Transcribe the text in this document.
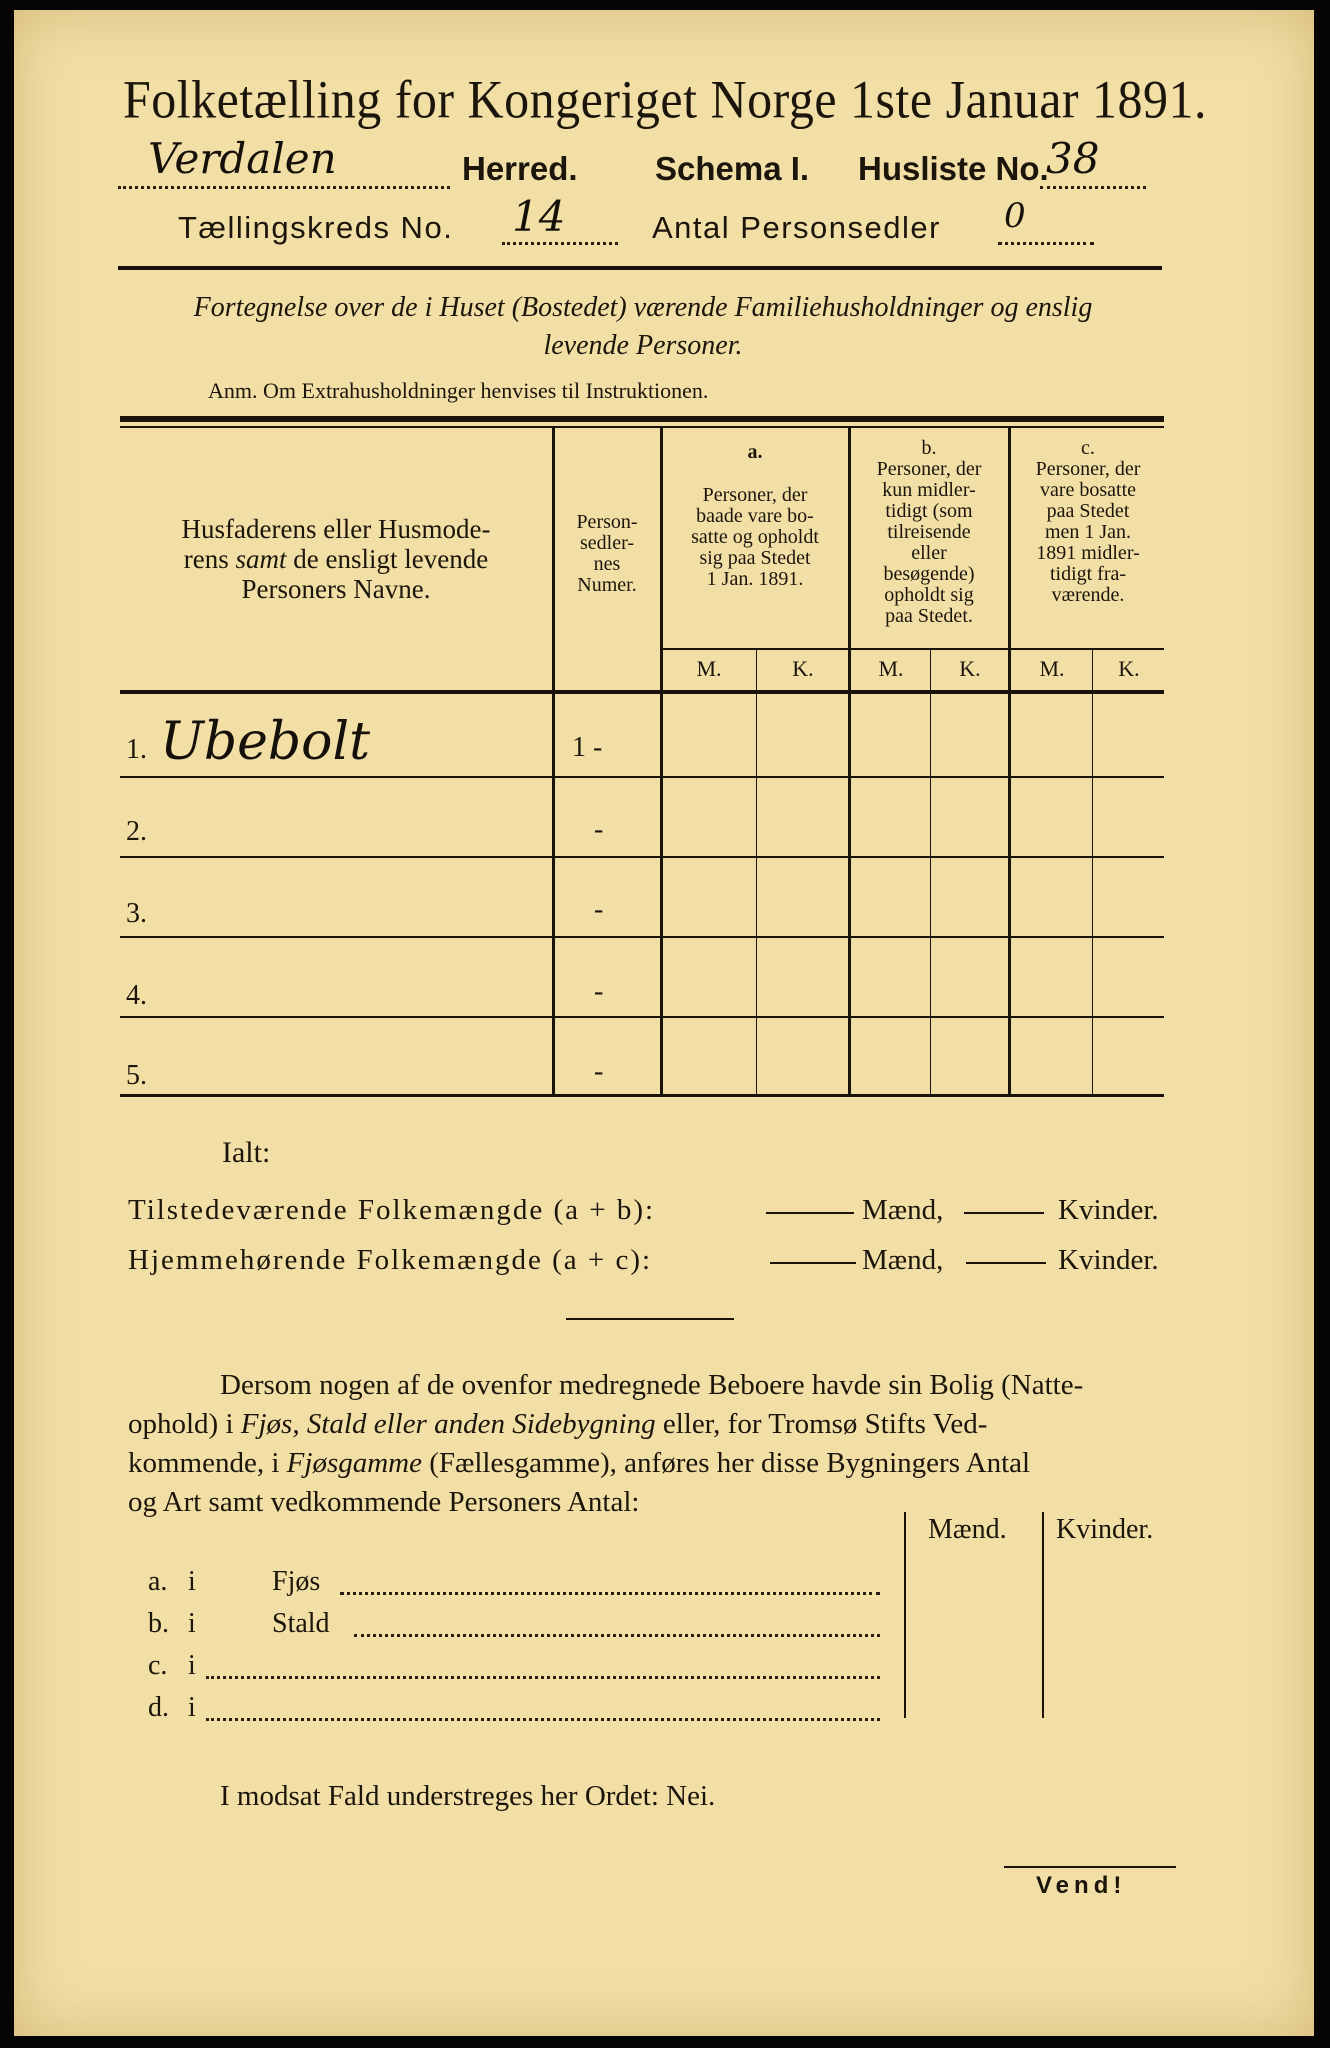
Folketælling for Kongeriget Norge 1ste Januar 1891.
Verdalen	Herred. Schema I. Husliste No.
38
Tællingskreds No. 14	Antal Personsedler 0
Fortegnelse over de i Huset (Bostedet) værende Familiehusholdninger og enslig
levende Personer.
Anm. Om Extrahusholdninger henvises til Instruktionen.
Husfaderens eller Husmode-
rens samt de ensligt levende
Personers Navne.
Person-
sedler-
nes
Numer.
a.
Personer, der
baade vare bo-
satte og opholdt
sig paa Stedet
1 Jan. 1891.
b.
Personer, der
kun midler-
tidigt (som
tilreisende
eller
besøgende)
opholdt sig
paa Stedet.
c.
Personer, der
vare bosatte
paa Stedet
men 1 Jan.
1891 midler-
tidigt fra-
værende.
M.	K.	M.	K.	M.	K.
1. Ubebolt	1 -
2.	-
3.	-
4.	-
5.	-
Ialt:
Tilstedeværende Folkemængde (a + b):	Mænd,	Kvinder.
Hjemmehørende Folkemængde (a + c):	Mænd,	Kvinder.
Dersom nogen af de ovenfor medregnede Beboere havde sin Bolig (Natte-
ophold) i Fjøs, Stald eller anden Sidebygning eller, for Tromsø Stifts Ved-
kommende, i Fjøsgamme (Fællesgamme), anføres her disse Bygningers Antal
og Art samt vedkommende Personers Antal:
Mænd. Kvinder.
a. i	Fjøs
b. i	Stald
c. i
d. i
I modsat Fald understreges her Ordet: Nei.
Vend!
